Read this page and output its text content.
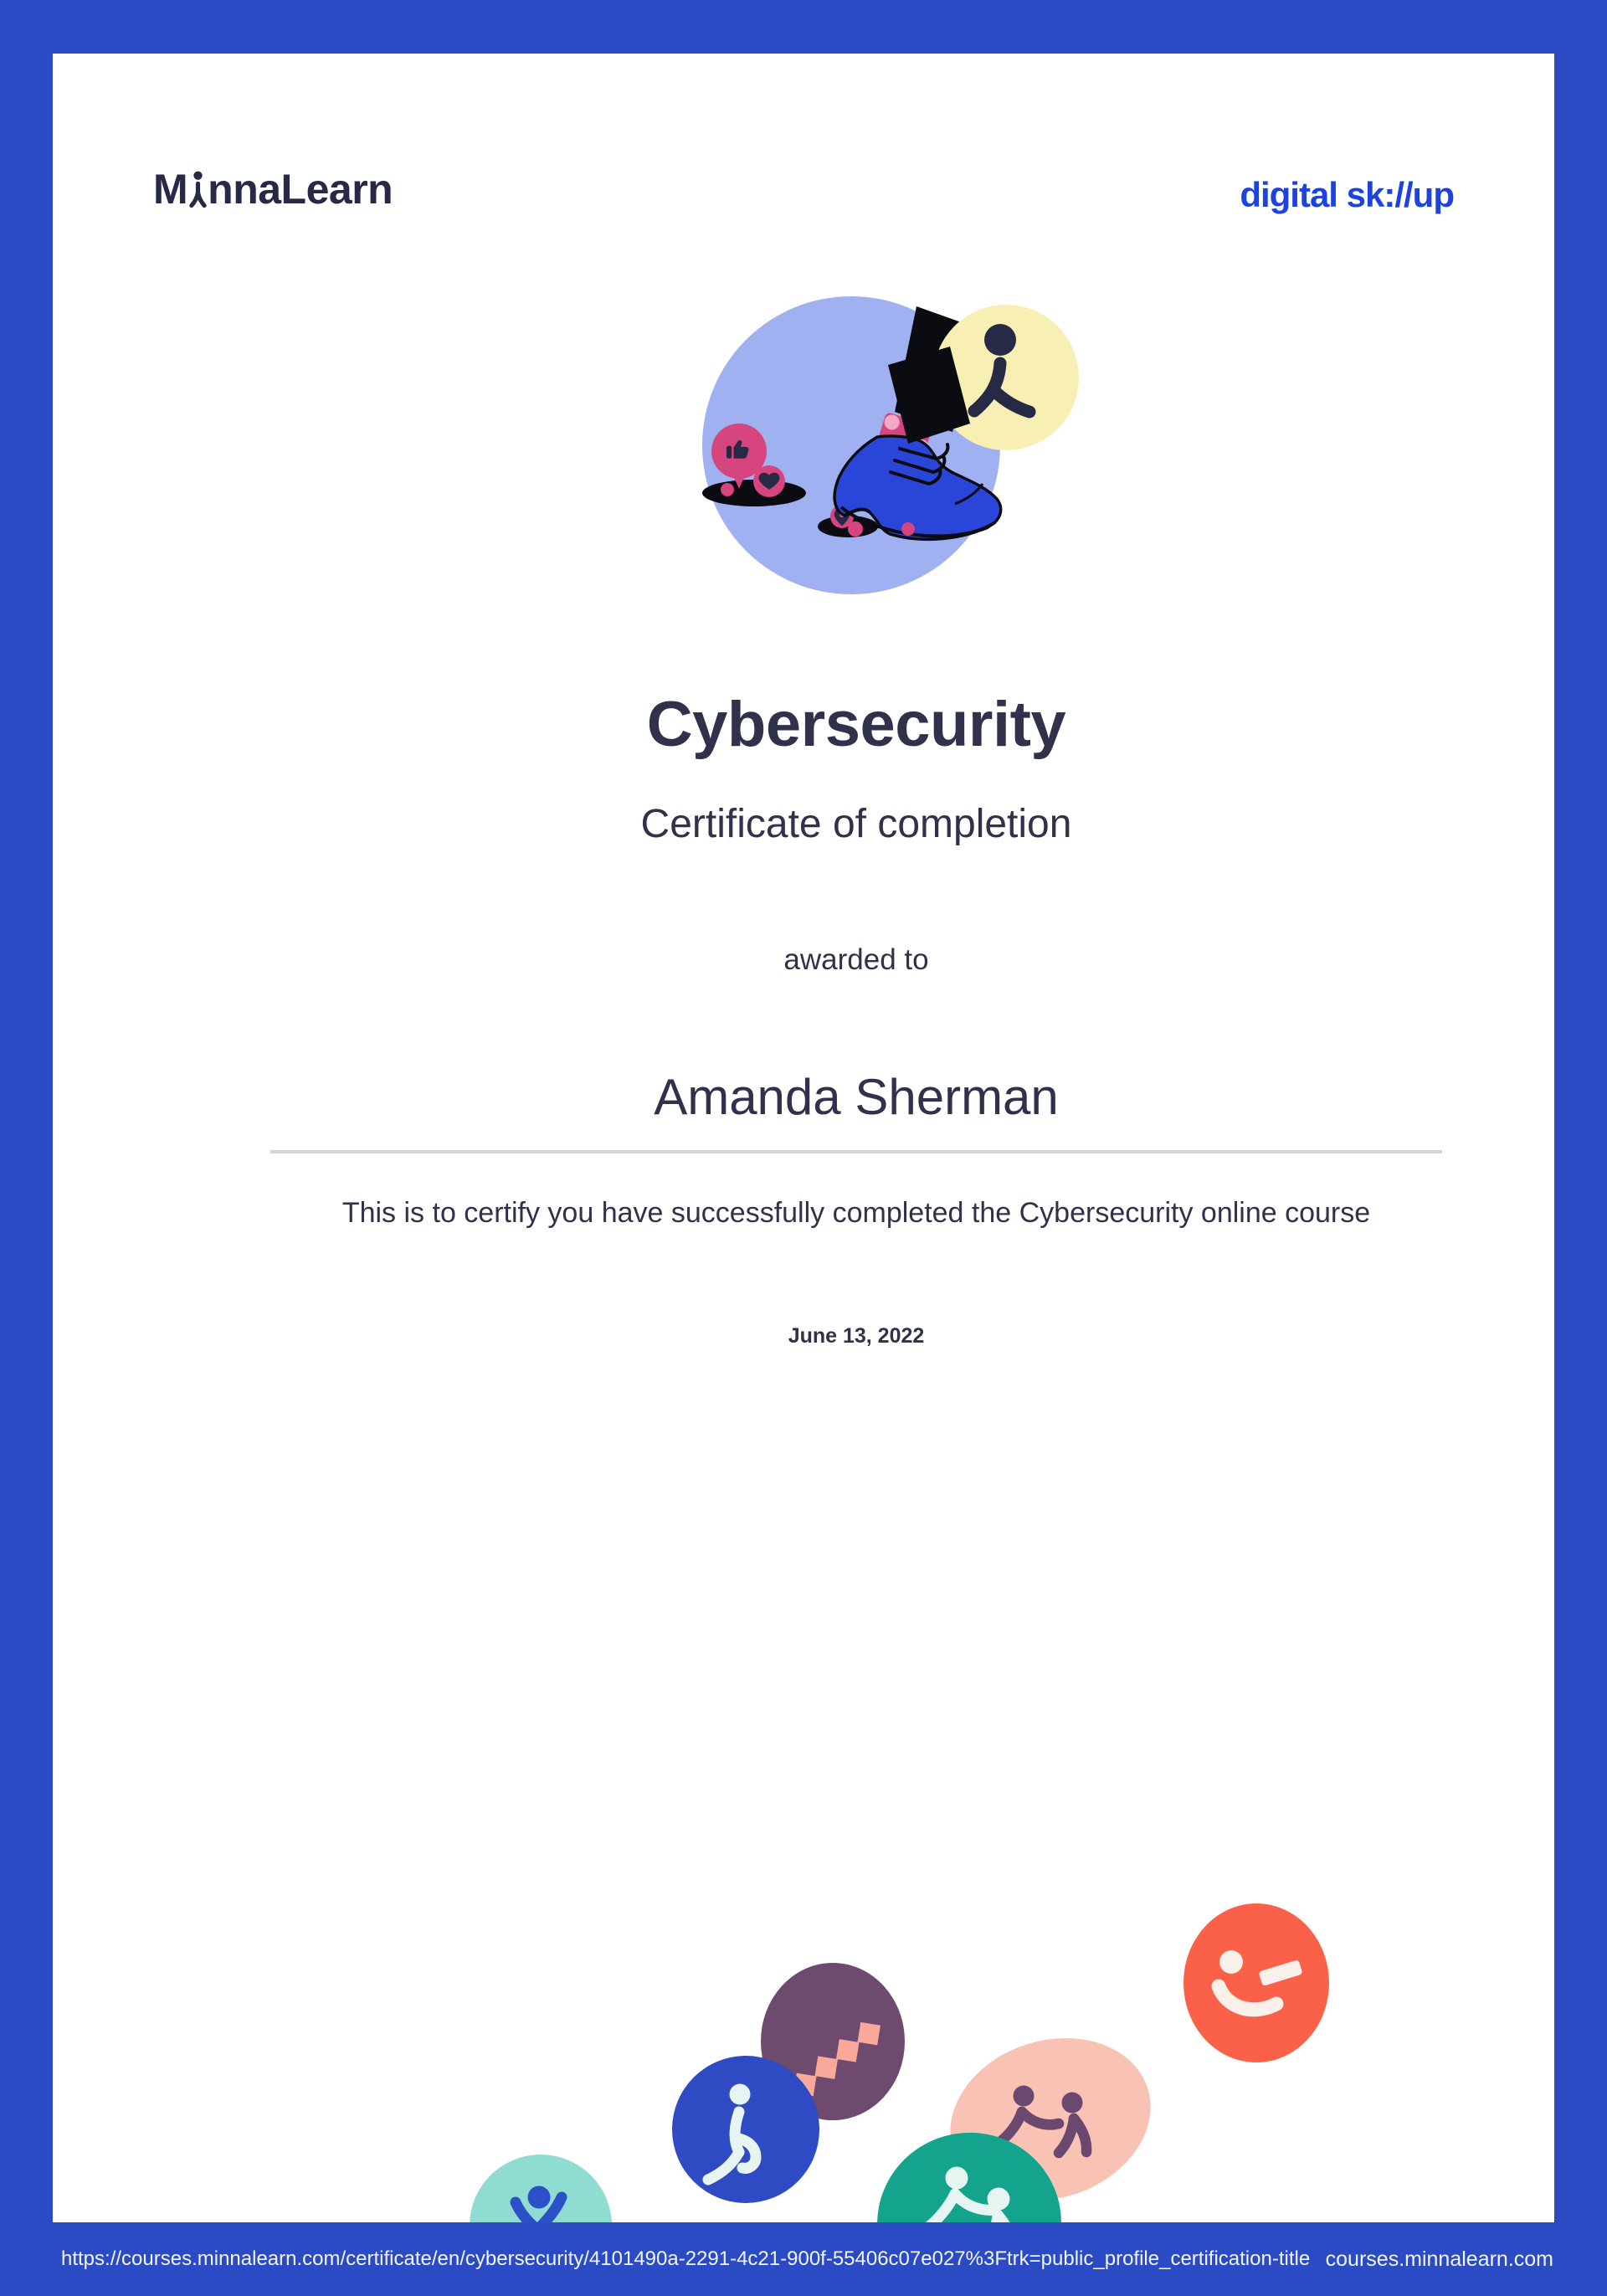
M nnaLearn	digital sk://up
Cybersecurity
Certificate of completion
awarded to
Amanda Sherman
This is to certify you have successfully completed the Cybersecurity online course
June 13, 2022
https://courses.minnalearn.com/certificate/en/cybersecurity/4101490a-2291-4c21-900f-55406c07e027%3Ftrk=public_profile_certification-title courses.minnalearn.com
